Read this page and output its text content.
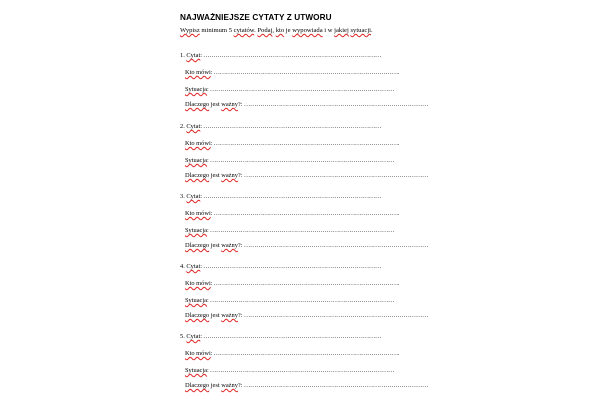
NAJWAŻNIEJSZE CYTATY Z UTWORU
Wypisz minimum 5 cytatów. Podaj, kto je wypowiada i w jakiej sytuacji.
1. Cytat: ……………………………………………………………………………
Kto mówi: ……………………………………………………………………………….
Sytuacja: ………………………………………………………………………………
Dlaczego jest ważny?: ………………………………………………………………………………
2. Cytat: ……………………………………………………………………………
Kto mówi: ……………………………………………………………………………….
Sytuacja: ………………………………………………………………………………
Dlaczego jest ważny?: ………………………………………………………………………………
3. Cytat: ……………………………………………………………………………
Kto mówi: ……………………………………………………………………………….
Sytuacja: ………………………………………………………………………………
Dlaczego jest ważny?: ………………………………………………………………………………
4. Cytat: ……………………………………………………………………………
Kto mówi: ……………………………………………………………………………….
Sytuacja: ………………………………………………………………………………
Dlaczego jest ważny?: ………………………………………………………………………………
5. Cytat: ……………………………………………………………………………
Kto mówi: ……………………………………………………………………………….
Sytuacja: ………………………………………………………………………………
Dlaczego jest ważny?: ………………………………………………………………………………
